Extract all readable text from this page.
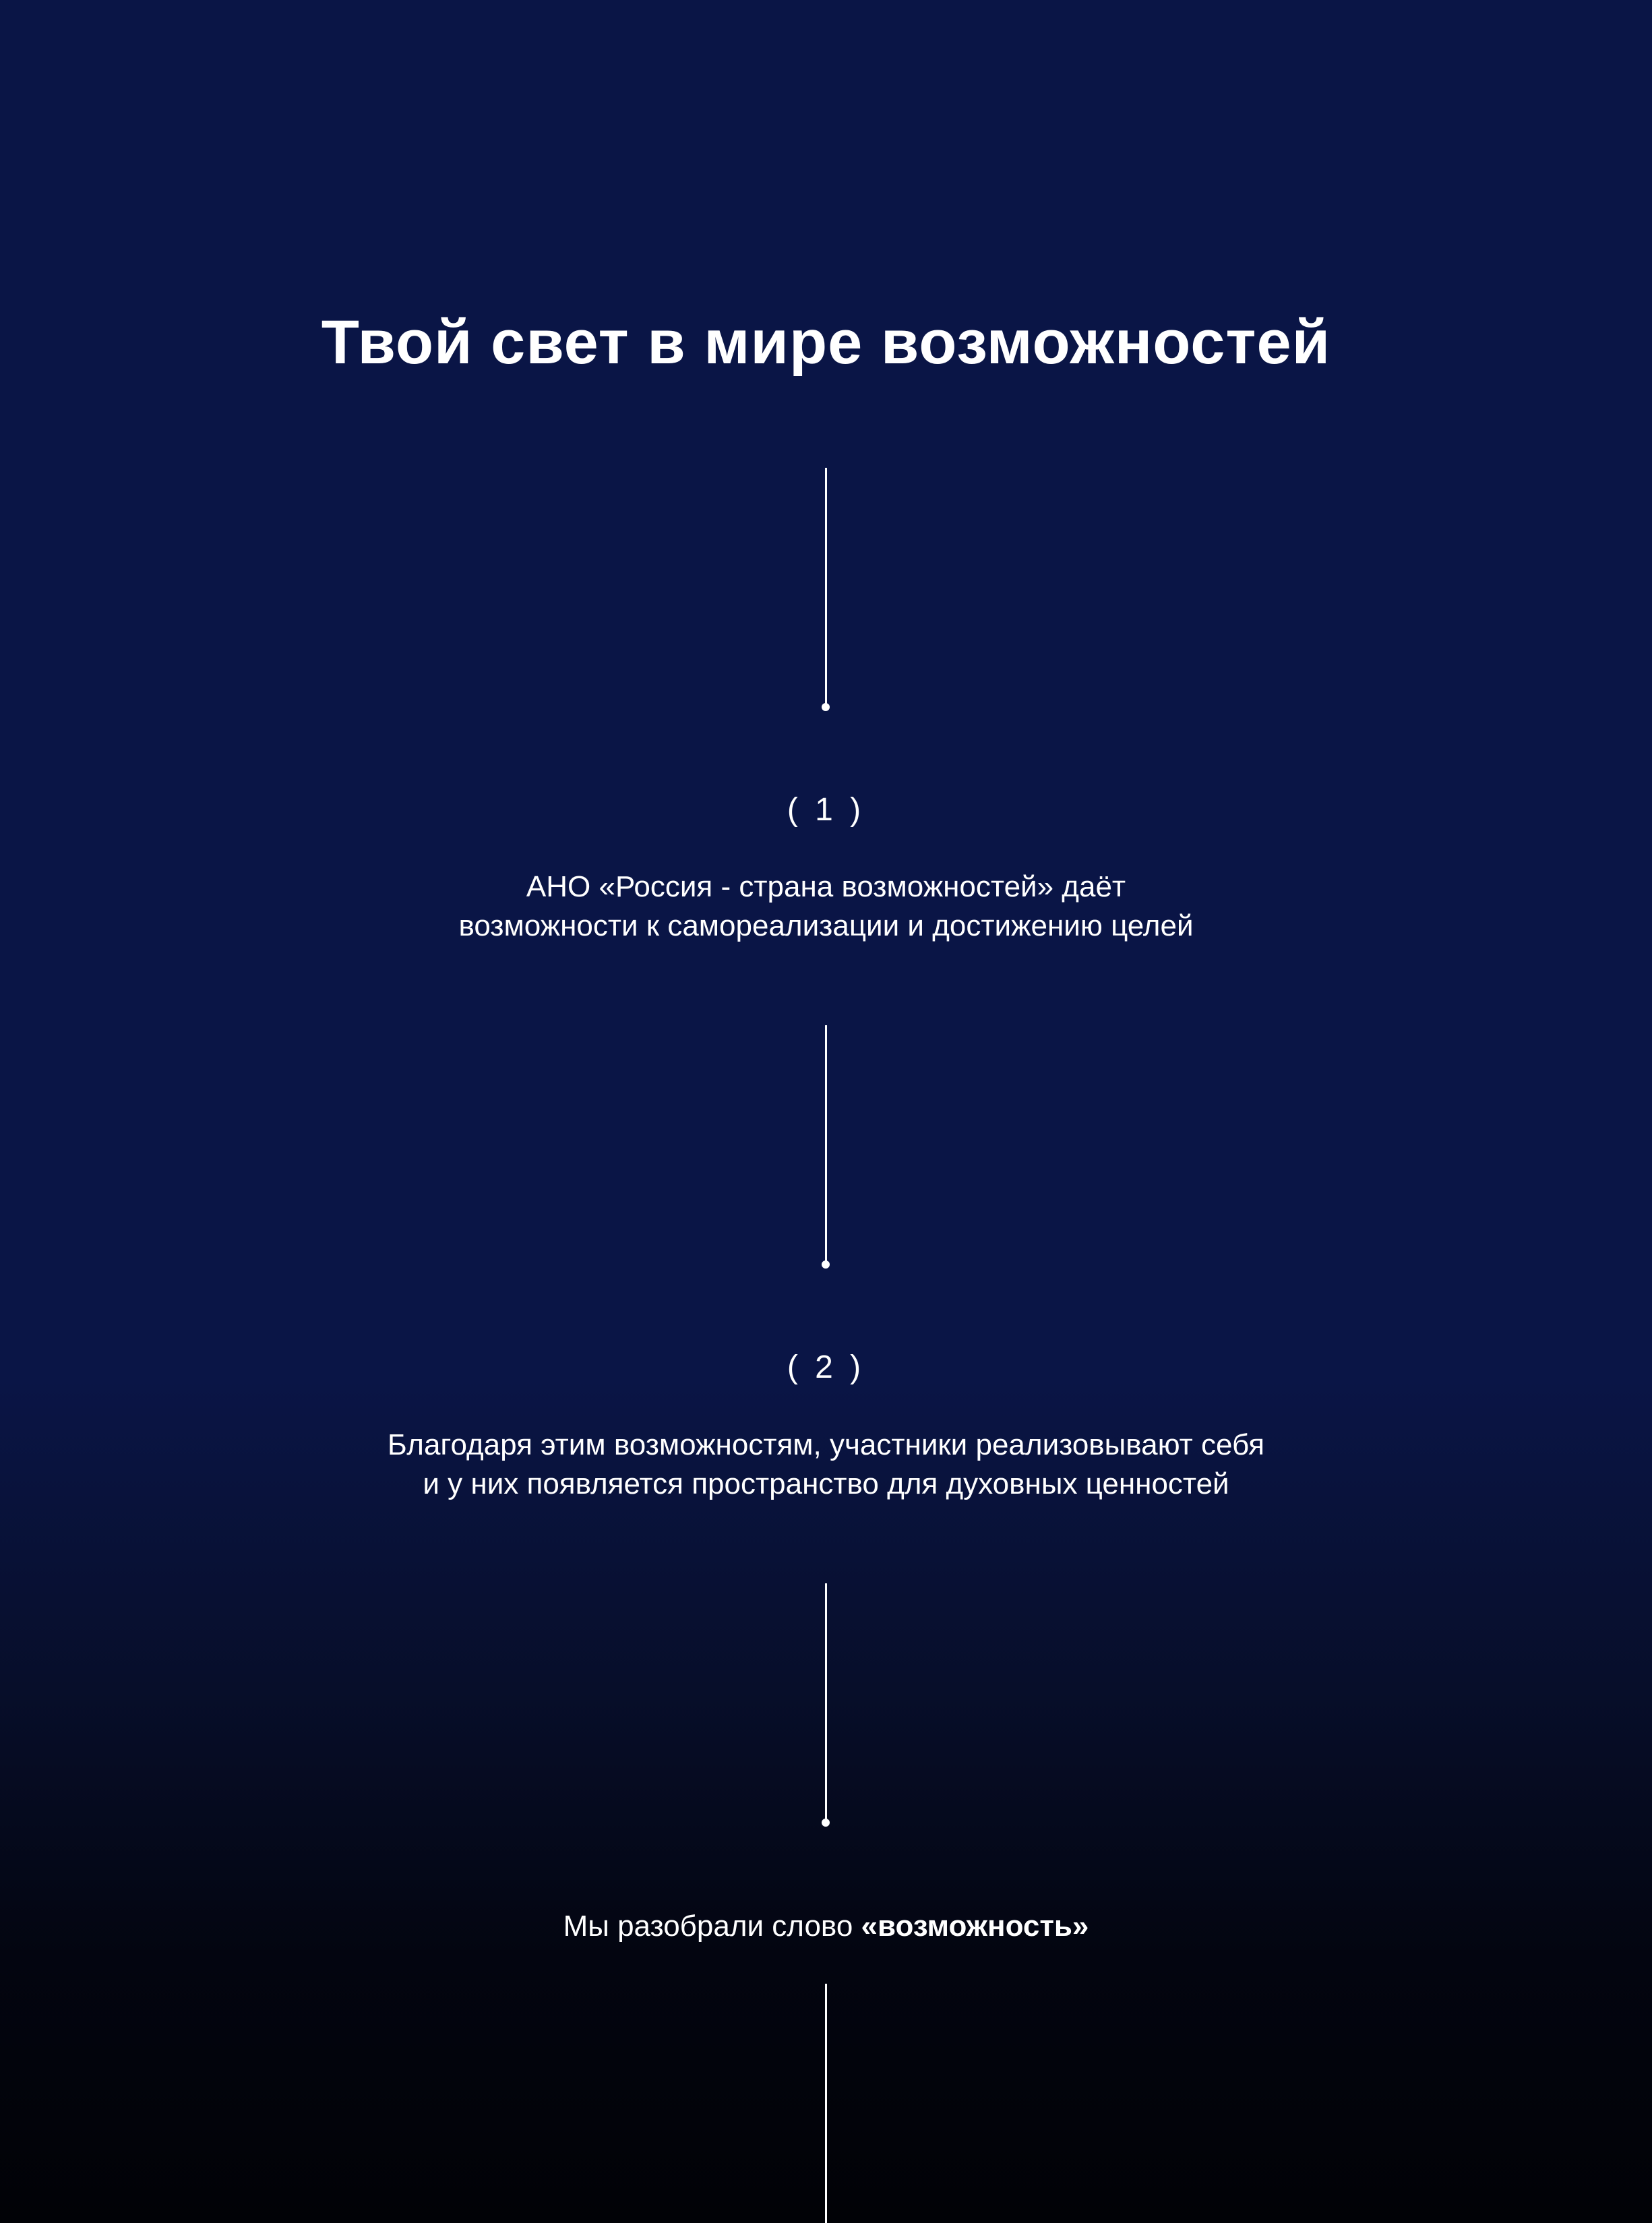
Твой свет в мире возможностей
( 1 )
АНО «Россия - страна возможностей» даёт
возможности к самореализации и достижению целей
( 2 )
Благодаря этим возможностям, участники реализовывают себя
и у них появляется пространство для духовных ценностей
Мы разобрали слово «возможность»
